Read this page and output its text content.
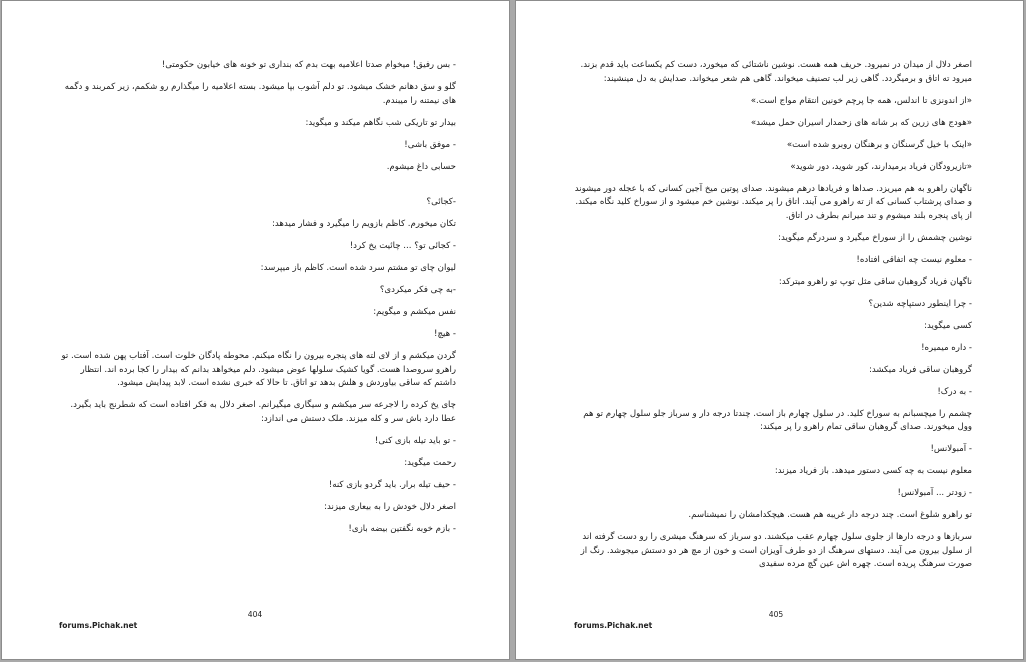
- بس رفیق! میخوام صدتا اعلامیه بهت بدم که بنداری تو خونه های خیابون حکومتی!

گلو و سق دهانم خشک میشود. تو دلم آشوب بپا میشود. بسته اعلامیه را میگذارم رو شکمم، زیر کمربند و دگمه های نیمتنه را میبندم.

بیدار تو تاریکی شب نگاهم میکند و میگوید:

- موفق باشی!

حسابی داغ میشوم.

-کجائی؟

تکان میخورم. کاظم بازویم را میگیرد و فشار میدهد:

- کجائی تو؟ ... چائیت یخ کرد!

لیوان چای تو مشتم سرد شده است. کاظم باز میپرسد:

-به چی فکر میکردی؟

نفس میکشم و میگویم:

- هیچ!

گردن میکشم و از لای لته های پنجره بیرون را نگاه میکنم. محوطه پادگان خلوت است. آفتاب پهن شده است. تو راهرو سروصدا هست. گویا کشیک سلولها عوض میشود. دلم میخواهد بدانم که بیدار را کجا برده اند. انتظار داشتم که ساقی بیاوردش و هلش بدهد تو اتاق. تا حالا که خبری نشده است. لابد پیدایش میشود.

چای یخ کرده را لاجرعه سر میکشم و سیگاری میگیرانم. اصغر دلال به فکر افتاده است که شطرنج باید بگیرد. عطا دارد باش سر و کله میزند. ملک دستش می اندازد:

- تو باید تیله بازی کنی!

رحمت میگوید:

- حیف تیله برار. باید گردو بازی کنه!

اصغر دلال خودش را به بیعاری میزند:

- بازم خوبه نگفتین بیضه بازی!

404
forums.Pichak.net

اصغر دلال از میدان در نمیرود. حریف همه هست. نوشین ناشتائی که میخورد، دست کم یکساعت باید قدم بزند. میرود ته اتاق و برمیگردد. گاهی زیر لب تصنیف میخواند. گاهی هم شعر میخواند. صدایش به دل مینشیند:

«از اندونزی تا اندلس، همه جا پرچم خونین انتقام مواج است.»

«هودج های زرین که بر شانه های زحمدار اسیران حمل میشد»

«اینک با خیل گرسنگان و برهنگان روبرو شده است»

«تازیرودگان فریاد برمیدارند، کور شوید، دور شوید»

ناگهان راهرو به هم میریزد. صداها و فریادها درهم میشوند. صدای پوتین میخ آجین کسانی که با عجله دور میشوند و صدای پرشتاب کسانی که از ته راهرو می آیند. اتاق را پر میکند. نوشین خم میشود و از سوراخ کلید نگاه میکند. از پای پنجره بلند میشوم و تند میرانم بطرف در اتاق.

نوشین چشمش را از سوراخ میگیرد و سردرگم میگوید:

- معلوم نیست چه اتفاقی افتاده!

ناگهان فریاد گروهبان ساقی مثل توپ تو راهرو میترکد:

- چرا اینطور دستپاچه شدین؟

کسی میگوید:

- داره میمیره!

گروهبان ساقی فریاد میکشد:

- به درک!

چشمم را میچسبانم به سوراخ کلید. در سلول چهارم باز است. چندتا درجه دار و سرباز جلو سلول چهارم تو هم وول میخورند. صدای گروهبان ساقی تمام راهرو را پر میکند:

- آمبولانس!

معلوم نیست به چه کسی دستور میدهد. باز فریاد میزند:

- زودتر ... آمبولانس!

تو راهرو شلوغ است. چند درجه دار غریبه هم هست. هیچکدامشان را نمیشناسم.

سربازها و درجه دارها از جلوی سلول چهارم عقب میکشند. دو سرباز که سرهنگ میشری را رو دست گرفته اند از سلول بیرون می آیند. دستهای سرهنگ از دو طرف آویزان است و خون از مچ هر دو دستش میجوشد. رنگ از صورت سرهنگ پریده است. چهره اش عین گچ مرده سفیدی

405
forums.Pichak.net
